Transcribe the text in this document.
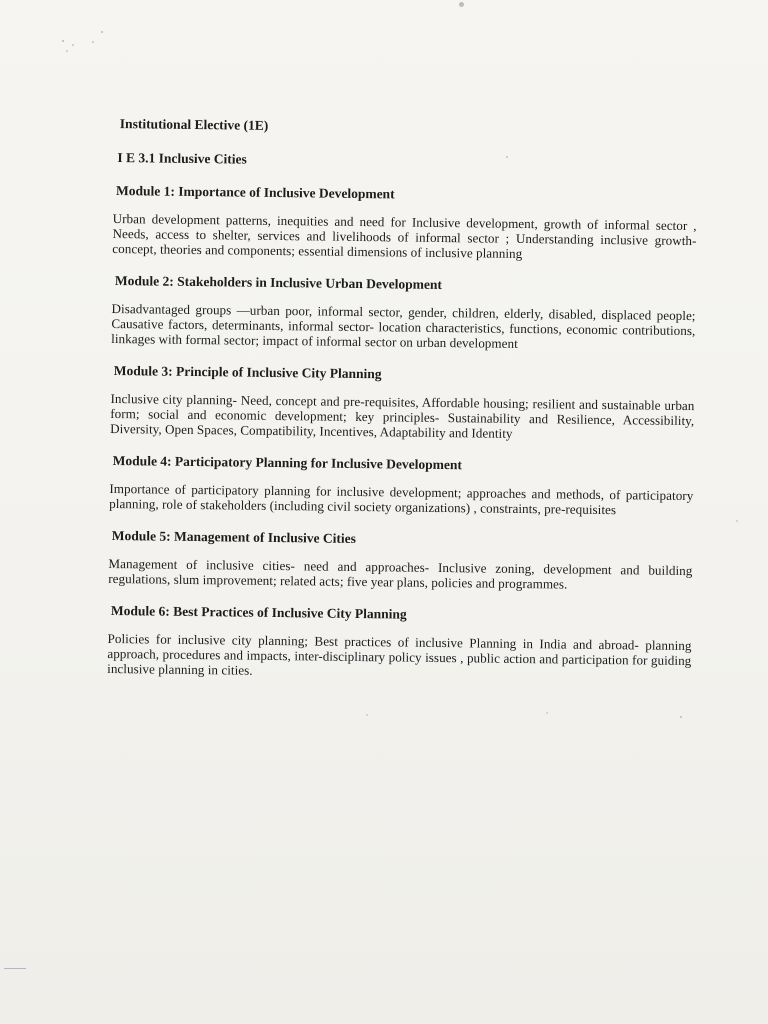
Institutional Elective (1E)
I E 3.1 Inclusive Cities
Module 1: Importance of Inclusive Development
Urban development patterns, inequities and need for Inclusive development, growth of informal sector , Needs, access to shelter, services and livelihoods of informal sector ; Understanding inclusive growth- concept, theories and components; essential dimensions of inclusive planning
Module 2: Stakeholders in Inclusive Urban Development
Disadvantaged groups —urban poor, informal sector, gender, children, elderly, disabled, displaced people; Causative factors, determinants, informal sector- location characteristics, functions, economic contributions, linkages with formal sector; impact of informal sector on urban development
Module 3: Principle of Inclusive City Planning
Inclusive city planning- Need, concept and pre-requisites, Affordable housing; resilient and sustainable urban form; social and economic development; key principles- Sustainability and Resilience, Accessibility, Diversity, Open Spaces, Compatibility, Incentives, Adaptability and Identity
Module 4: Participatory Planning for Inclusive Development
Importance of participatory planning for inclusive development; approaches and methods, of participatory planning, role of stakeholders (including civil society organizations) , constraints, pre-requisites
Module 5: Management of Inclusive Cities
Management of inclusive cities- need and approaches- Inclusive zoning, development and building regulations, slum improvement; related acts; five year plans, policies and programmes.
Module 6: Best Practices of Inclusive City Planning
Policies for inclusive city planning; Best practices of inclusive Planning in India and abroad- planning approach, procedures and impacts, inter-disciplinary policy issues , public action and participation for guiding inclusive planning in cities.
